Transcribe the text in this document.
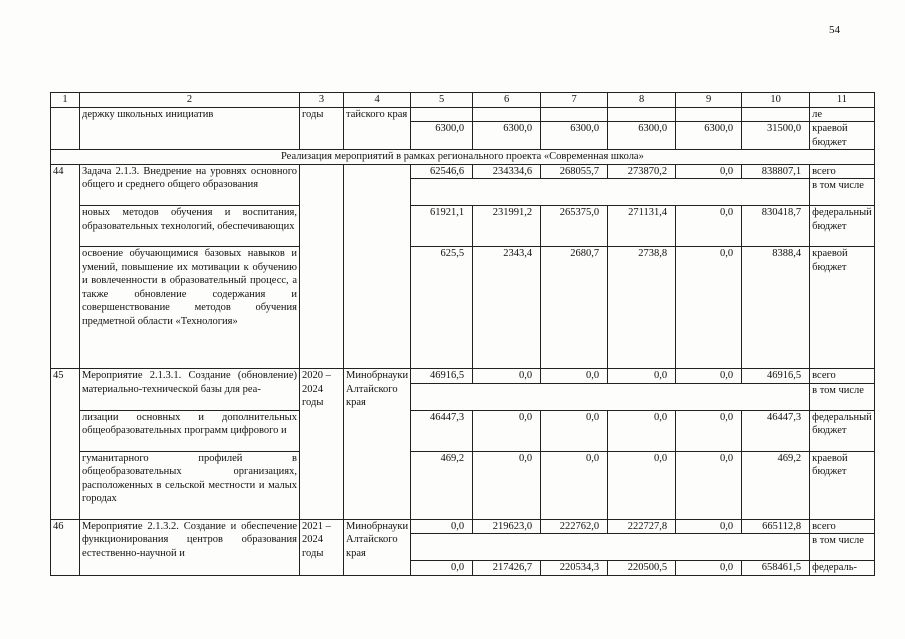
54
1	2	3	4	5	6	7	8	9	10	11
	держку школьных инициатив	годы	тайского края							ле
				6300,0	6300,0	6300,0	6300,0	6300,0	31500,0	краевой бюджет
Реализация мероприятий в рамках регионального проекта «Современная школа»										
44	Задача 2.1.3. Внедрение на уровнях основного общего и среднего общего образования			62546,6	234334,6	268055,7	273870,2	0,0	838807,1	всего
										в том числе
	новых методов обучения и воспитания, образовательных технологий, обеспечивающих			61921,1	231991,2	265375,0	271131,4	0,0	830418,7	федеральный бюджет
	освоение обучающимися базовых навыков и умений, повышение их мотивации к обучению и вовлеченности в образовательный процесс, а также обновление содержания и совершенствование методов обучения предметной области «Технология»			625,5	2343,4	2680,7	2738,8	0,0	8388,4	краевой бюджет
45	Мероприятие 2.1.3.1. Создание (обновление) материально-технической базы для реа-	2020 – 2024 годы	Минобрнауки Алтайского края	46916,5	0,0	0,0	0,0	0,0	46916,5	всего
										в том числе
	лизации основных и дополнительных общеобразовательных программ цифрового и			46447,3	0,0	0,0	0,0	0,0	46447,3	федеральный бюджет
	гуманитарного профилей в общеобразовательных организациях, расположенных в сельской местности и малых городах			469,2	0,0	0,0	0,0	0,0	469,2	краевой бюджет
46	Мероприятие 2.1.3.2. Создание и обеспечение функционирования центров образования естественно-научной и	2021 – 2024 годы	Минобрнауки Алтайского края	0,0	219623,0	222762,0	222727,8	0,0	665112,8	всего
										в том числе
				0,0	217426,7	220534,3	220500,5	0,0	658461,5	федераль-
